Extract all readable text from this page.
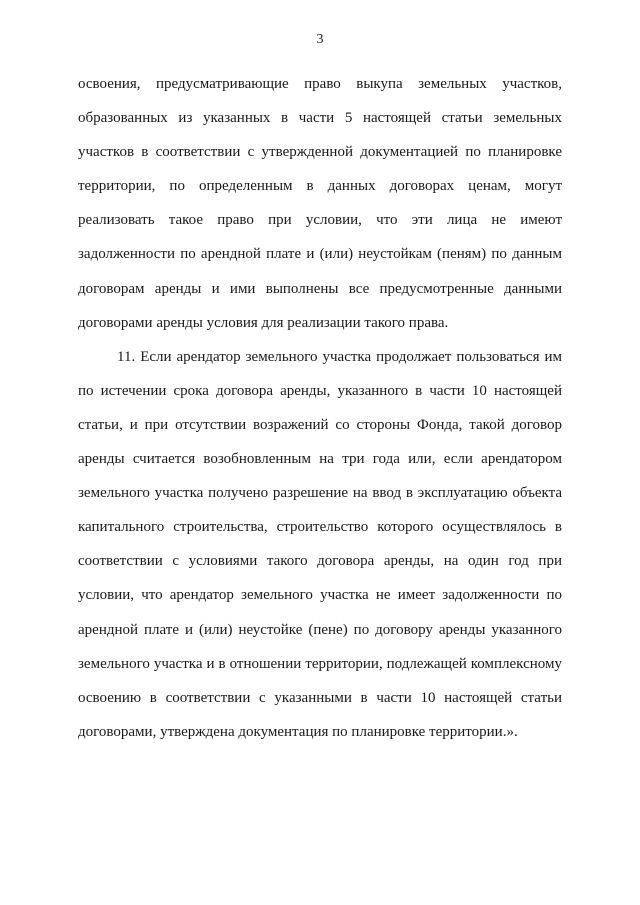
3
освоения, предусматривающие право выкупа земельных участков,
образованных из указанных в части 5 настоящей статьи земельных
участков в соответствии с утвержденной документацией по планировке
территории, по определенным в данных договорах ценам, могут
реализовать такое право при условии, что эти лица не имеют
задолженности по арендной плате и (или) неустойкам (пеням) по данным
договорам аренды и ими выполнены все предусмотренные данными
договорами аренды условия для реализации такого права.
11. Если арендатор земельного участка продолжает пользоваться им
по истечении срока договора аренды, указанного в части 10 настоящей
статьи, и при отсутствии возражений со стороны Фонда, такой договор
аренды считается возобновленным на три года или, если арендатором
земельного участка получено разрешение на ввод в эксплуатацию объекта
капитального строительства, строительство которого осуществлялось в
соответствии с условиями такого договора аренды, на один год при
условии, что арендатор земельного участка не имеет задолженности по
арендной плате и (или) неустойке (пене) по договору аренды указанного
земельного участка и в отношении территории, подлежащей комплексному
освоению в соответствии с указанными в части 10 настоящей статьи
договорами, утверждена документация по планировке территории.».
